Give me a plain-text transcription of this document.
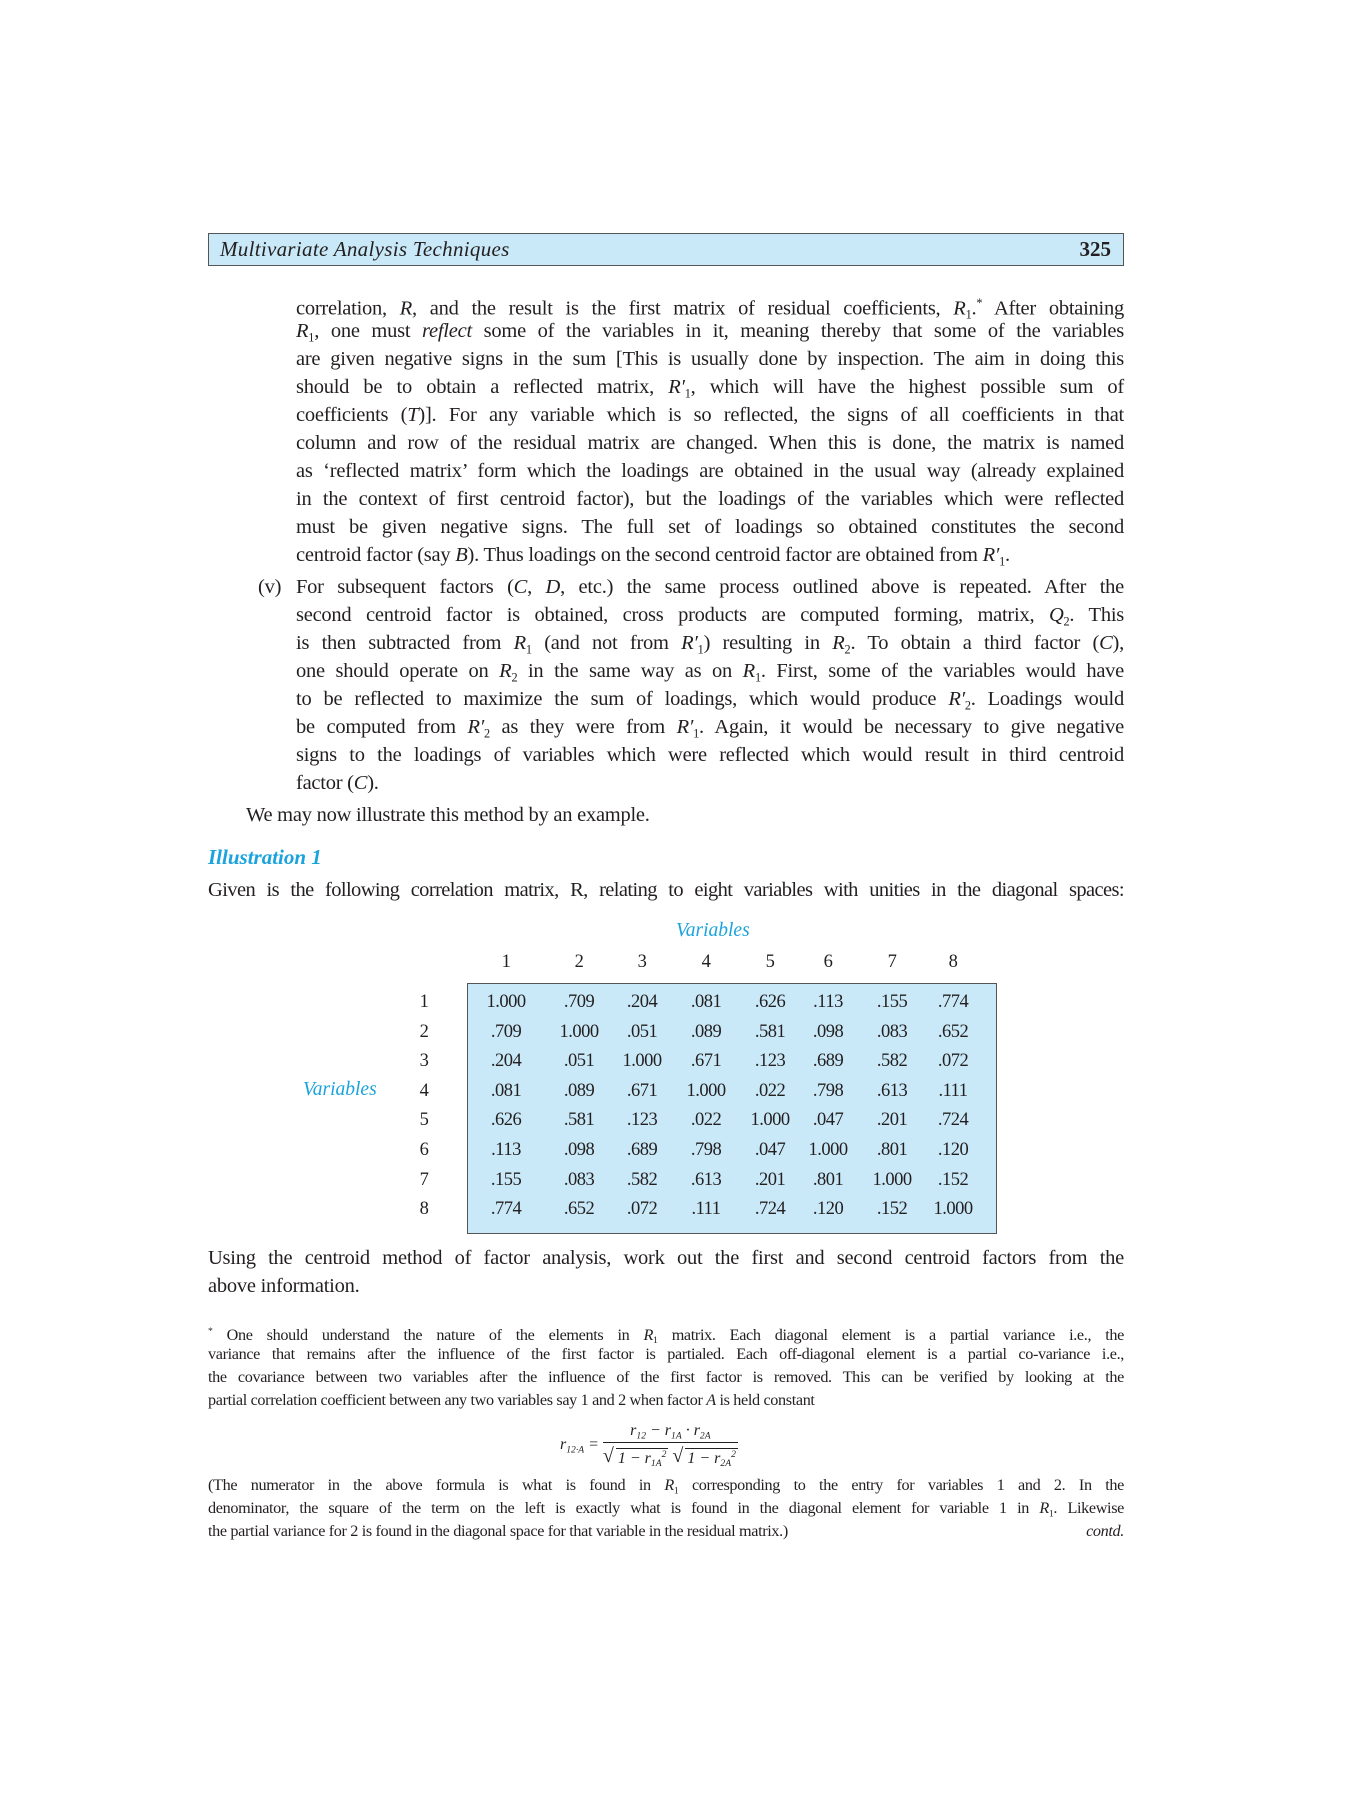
Multivariate Analysis Techniques	325
correlation, R, and the result is the first matrix of residual coefficients, $R_1.^*$ After obtaining
$R_1$, one must reflect some of the variables in it, meaning thereby that some of the variables
are given negative signs in the sum [This is usually done by inspection. The aim in doing this
should be to obtain a reflected matrix, $R'_1$, which will have the highest possible sum of
coefficients (T)]. For any variable which is so reflected, the signs of all coefficients in that
column and row of the residual matrix are changed. When this is done, the matrix is named
as ‘reflected matrix’ form which the loadings are obtained in the usual way (already explained
in the context of first centroid factor), but the loadings of the variables which were reflected
must be given negative signs. The full set of loadings so obtained constitutes the second
centroid factor (say B). Thus loadings on the second centroid factor are obtained from $R'_1$.
(v) For subsequent factors (C, D, etc.) the same process outlined above is repeated. After the
second centroid factor is obtained, cross products are computed forming, matrix, $Q_2$. This
is then subtracted from $R_1$ (and not from $R'_1$) resulting in $R_2$. To obtain a third factor (C),
one should operate on $R_2$ in the same way as on $R_1$. First, some of the variables would have
to be reflected to maximize the sum of loadings, which would produce $R'_2$. Loadings would
be computed from $R'_2$ as they were from $R'_1$. Again, it would be necessary to give negative
signs to the loadings of variables which were reflected which would result in third centroid
factor (C).
We may now illustrate this method by an example.
Illustration 1
Given is the following correlation matrix, R, relating to eight variables with unities in the diagonal spaces:
Variables
Variables
1	2	3	4	5	6	7	8
1
2
3
4
5
6
7
8
1.000	.709	.204	.081	.626	.113	.155	.774
.709	1.000	.051	.089	.581	.098	.083	.652
.204	.051	1.000	.671	.123	.689	.582	.072
.081	.089	.671	1.000	.022	.798	.613	.111
.626	.581	.123	.022	1.000	.047	.201	.724
.113	.098	.689	.798	.047	1.000	.801	.120
.155	.083	.582	.613	.201	.801	1.000	.152
.774	.652	.072	.111	.724	.120	.152	1.000
Using the centroid method of factor analysis, work out the first and second centroid factors from the
above information.
* One should understand the nature of the elements in $R_1$ matrix. Each diagonal element is a partial variance i.e., the
variance that remains after the influence of the first factor is partialed. Each off-diagonal element is a partial co-variance i.e.,
the covariance between two variables after the influence of the first factor is removed. This can be verified by looking at the
partial correlation coefficient between any two variables say 1 and 2 when factor A is held constant
$r_{12\cdot A} = \frac{r_{12} - r_{1A} \cdot r_{2A}}{√ 1 - r_{1A}^2 √ 1 - r_{2A}^2}$
(The numerator in the above formula is what is found in $R_1$ corresponding to the entry for variables 1 and 2. In the
denominator, the square of the term on the left is exactly what is found in the diagonal element for variable 1 in $R_1$. Likewise
the partial variance for 2 is found in the diagonal space for that variable in the residual matrix.)	contd.
